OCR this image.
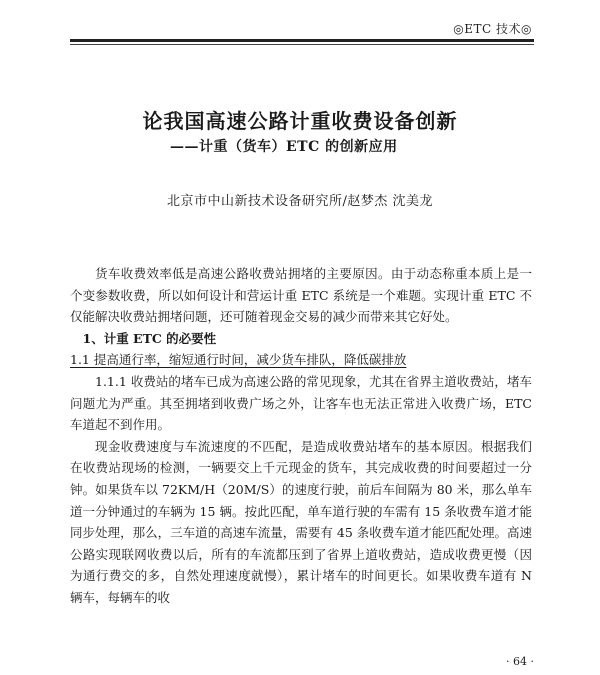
◎ETC 技术◎
论我国高速公路计重收费设备创新
——计重（货车）ETC 的创新应用
北京市中山新技术设备研究所/赵梦杰 沈美龙

货车收费效率低是高速公路收费站拥堵的主要原因。由于动态称重本质上是一个变参数收费，所以如何设计和营运计重 ETC 系统是一个难题。实现计重 ETC 不仅能解决收费站拥堵问题，还可随着现金交易的减少而带来其它好处。

1、计重 ETC 的必要性

1.1 提高通行率，缩短通行时间，减少货车排队，降低碳排放

1.1.1 收费站的堵车已成为高速公路的常见现象，尤其在省界主道收费站，堵车问题尤为严重。其至拥堵到收费广场之外，让客车也无法正常进入收费广场，ETC 车道起不到作用。

现金收费速度与车流速度的不匹配，是造成收费站堵车的基本原因。根据我们在收费站现场的检测，一辆要交上千元现金的货车，其完成收费的时间要超过一分钟。如果货车以 72KM/H（20M/S）的速度行驶，前后车间隔为 80 米，那么单车道一分钟通过的车辆为 15 辆。按此匹配，单车道行驶的车需有 15 条收费车道才能同步处理，那么，三车道的高速车流量，需要有 45 条收费车道才能匹配处理。高速公路实现联网收费以后，所有的车流都压到了省界上道收费站，造成收费更慢（因为通行费交的多，自然处理速度就慢），累计堵车的时间更长。如果收费车道有 N 辆车，每辆车的收

· 64 ·
